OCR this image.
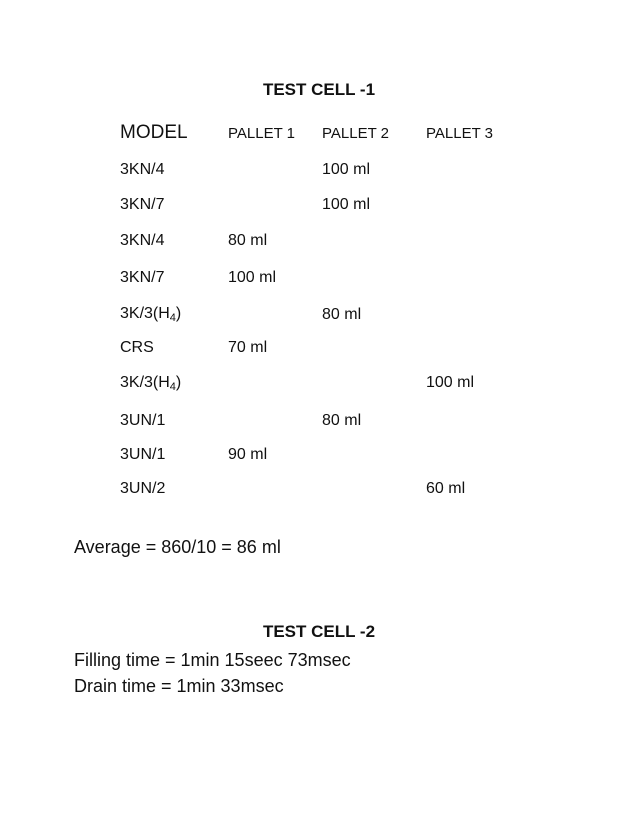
TEST CELL -1
MODEL	PALLET 1	PALLET 2	PALLET 3
3KN/4		100 ml	
3KN/7		100 ml	
3KN/4	80 ml		
3KN/7	100 ml		
$3K/3(H_4)$		80 ml	
CRS	70 ml		
$3K/3(H_4)$			100 ml
3UN/1		80 ml	
3UN/1	90 ml		
3UN/2			60 ml
Average = 860/10 = 86 ml
TEST CELL -2
Filling time = 1min 15seec 73msec
Drain time = 1min 33msec
